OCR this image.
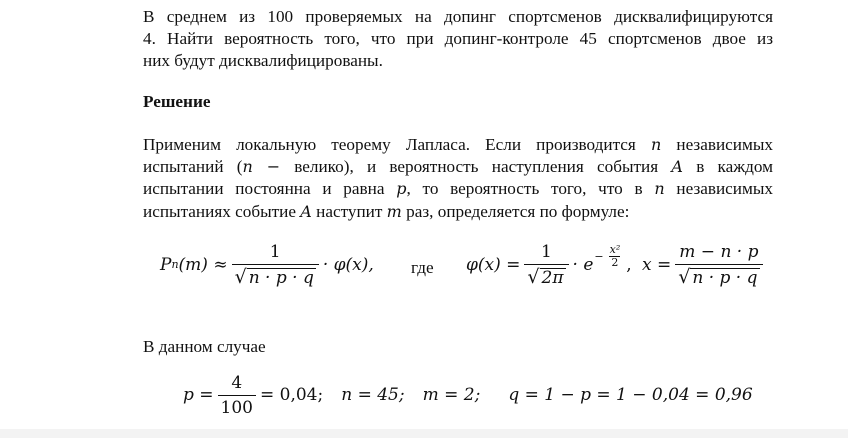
В среднем из 100 проверяемых на допинг спортсменов дисквалифицируются
4. Найти вероятность того, что при допинг-контроле 45 спортсменов двое из
них будут дисквалифицированы.
Решение
Применим локальную теорему Лапласа. Если производится n независимых
испытаний (n − велико), и вероятность наступления события A в каждом
испытании постоянна и равна p, то вероятность того, что в n независимых
испытаниях событие A наступит m раз, определяется по формуле:
P n $(m) \approx \frac{1}{√ n \cdot p \cdot q} \cdot \varphi(x)$, где $\varphi(x) = \frac{1}{√ 2\pi} \cdot e - \frac{\text{x²}}{2}$ , $x = \frac{m - n \cdot p}{√ n \cdot p \cdot q}$

В данном случае

$p = \frac{4}{100} = 0,04$; n = 45; m = 2; q = 1 − p = 1 − 0,04 = 0,96
